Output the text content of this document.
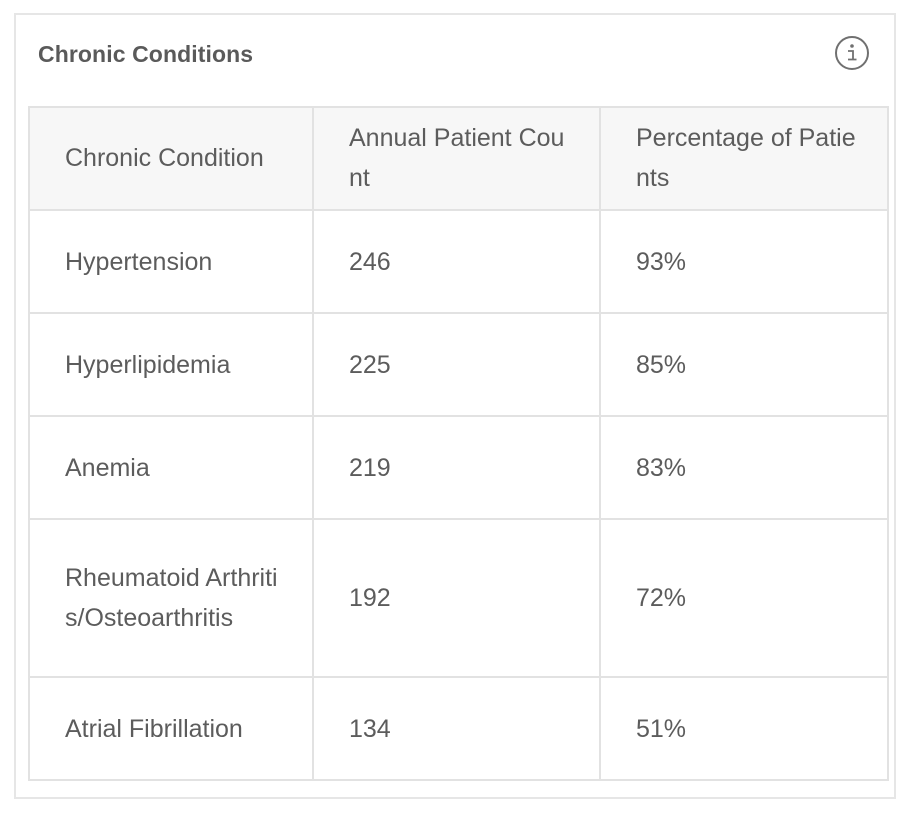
Chronic Conditions
Chronic Condition	Annual Patient Count	Percentage of Patients
Hypertension	246	93%
Hyperlipidemia	225	85%
Anemia	219	83%
Rheumatoid Arthritis/Osteoarthritis	192	72%
Atrial Fibrillation	134	51%
